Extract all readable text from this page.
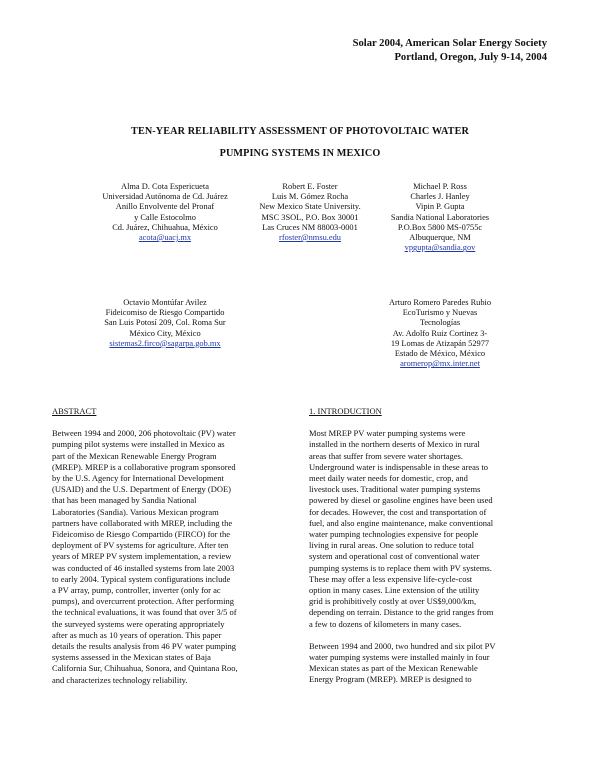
Solar 2004, American Solar Energy Society
Portland, Oregon, July 9-14, 2004
TEN-YEAR RELIABILITY ASSESSMENT OF PHOTOVOLTAIC WATER
PUMPING SYSTEMS IN MEXICO
Alma D. Cota Espericueta
Universidad Autónoma de Cd. Juárez
Anillo Envolvente del Pronaf
y Calle Estocolmo
Cd. Juárez, Chihuahua, México
acota@uacj.mx
Robert E. Foster
Luis M. Gómez Rocha
New Mexico State University.
MSC 3SOL, P.O. Box 30001
Las Cruces NM 88003-0001
rfoster@nmsu.edu
Michael P. Ross
Charles J. Hanley
Vipin P. Gupta
Sandia National Laboratories
P.O.Box 5800 MS-0755c
Albuquerque, NM
vpgupta@sandia.gov
Octavio Montúfar Avilez
Fideicomiso de Riesgo Compartido
San Luis Potosí 209, Col. Roma Sur
México City, México
sistemas2.firco@sagarpa.gob.mx
Arturo Romero Paredes Rubio
EcoTurismo y Nuevas
Tecnologías
Av. Adolfo Ruiz Cortinez 3-
19 Lomas de Atizapán 52977
Estado de México, México
aromerop@mx.inter.net
ABSTRACT
Between 1994 and 2000, 206 photovoltaic (PV) water
pumping pilot systems were installed in Mexico as
part of the Mexican Renewable Energy Program
(MREP). MREP is a collaborative program sponsored
by the U.S. Agency for International Development
(USAID) and the U.S. Department of Energy (DOE)
that has been managed by Sandia National
Laboratories (Sandia). Various Mexican program
partners have collaborated with MREP, including the
Fideicomiso de Riesgo Compartido (FIRCO) for the
deployment of PV systems for agriculture. After ten
years of MREP PV system implementation, a review
was conducted of 46 installed systems from late 2003
to early 2004. Typical system configurations include
a PV array, pump, controller, inverter (only for ac
pumps), and overcurrent protection. After performing
the technical evaluations, it was found that over 3/5 of
the surveyed systems were operating appropriately
after as much as 10 years of operation. This paper
details the results analysis from 46 PV water pumping
systems assessed in the Mexican states of Baja
California Sur, Chihuahua, Sonora, and Quintana Roo,
and characterizes technology reliability.
1. INTRODUCTION
Most MREP PV water pumping systems were
installed in the northern deserts of Mexico in rural
areas that suffer from severe water shortages.
Underground water is indispensable in these areas to
meet daily water needs for domestic, crop, and
livestock uses. Traditional water pumping systems
powered by diesel or gasoline engines have been used
for decades. However, the cost and transportation of
fuel, and also engine maintenance, make conventional
water pumping technologies expensive for people
living in rural areas. One solution to reduce total
system and operational cost of conventional water
pumping systems is to replace them with PV systems.
These may offer a less expensive life-cycle-cost
option in many cases. Line extension of the utility
grid is prohibitively costly at over US$9,000/km,
depending on terrain. Distance to the grid ranges from
a few to dozens of kilometers in many cases.
Between 1994 and 2000, two hundred and six pilot PV
water pumping systems were installed mainly in four
Mexican states as part of the Mexican Renewable
Energy Program (MREP). MREP is designed to
